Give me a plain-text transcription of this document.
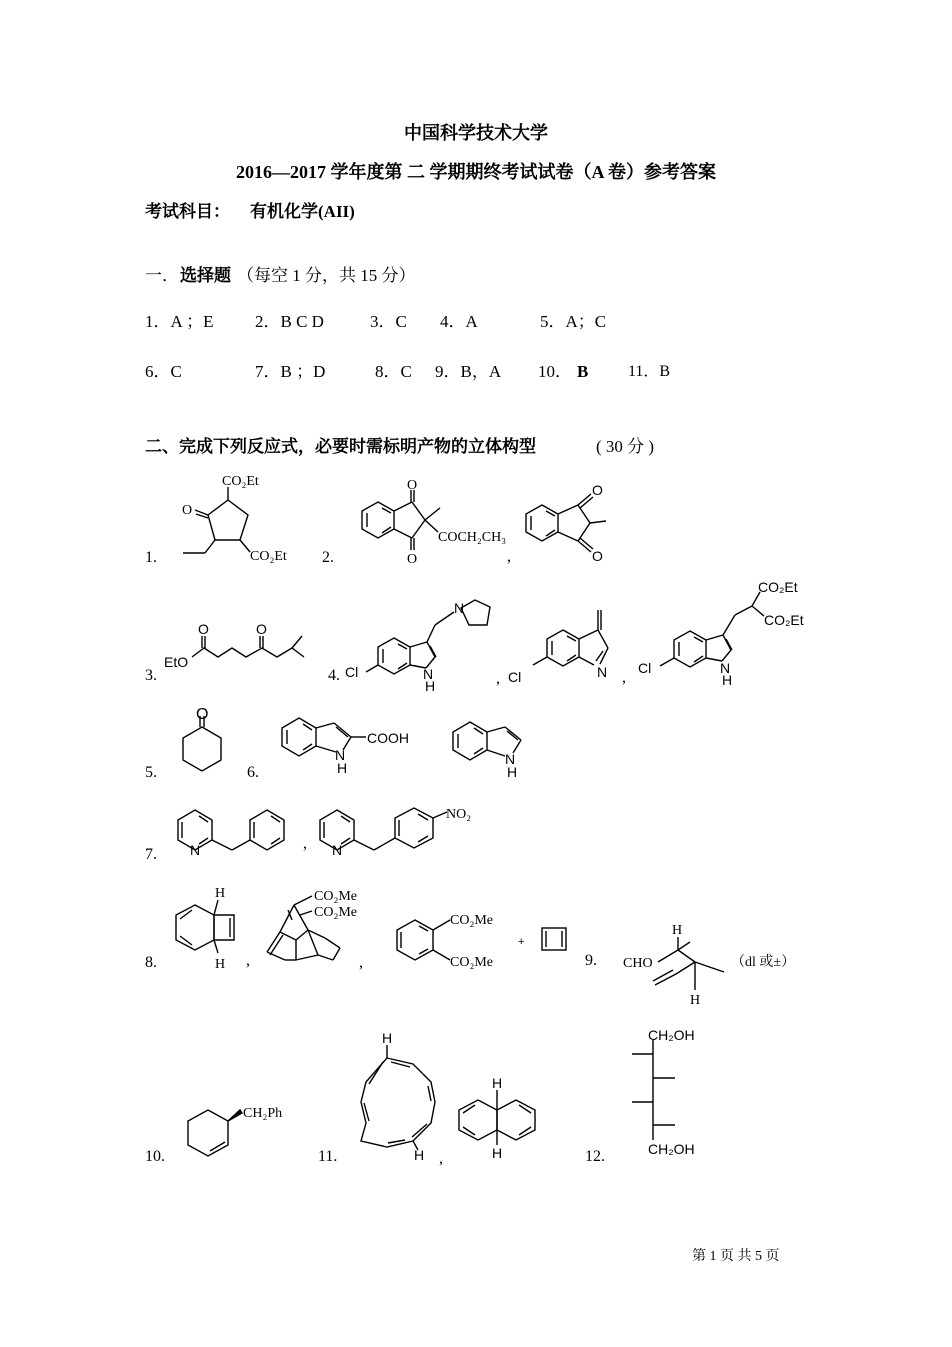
中国科学技术大学
2016—2017 学年度第 二 学期期终考试试卷（A 卷）参考答案
考试科目： 有机化学(AII)
一． 选择题 （每空 1 分，共 15 分）
1．A ；E 2．B C D	3．C 4．A	5．A；C
6．C	7．B ；D	8．C 9．B，A 10． B 11．B
二、完成下列反应式，必要时需标明产物的立体构型	( 30 分 )
1.	2.
3.	4.
5.	6.
7.
8.	9.
10.	11.	12.
CO₂Et
O
CO₂Et
O
O
COCH₂CH₃
,
O
O
O	O
EtO
N
Cl	N
H	,	N
Cl	,
CO₂Et
CO₂Et
Cl	N
H
O
COOH
N
H
N
H
N	,
NO₂
N
H
H ,
CO₂Me
CO₂Me
,
CO₂Me
CO₂Me
+
CHO
H
H
（dl 或±）
CH₂Ph
H
H ,
H
H
CH₂OH
CH₂OH
第 1 页 共 5 页
